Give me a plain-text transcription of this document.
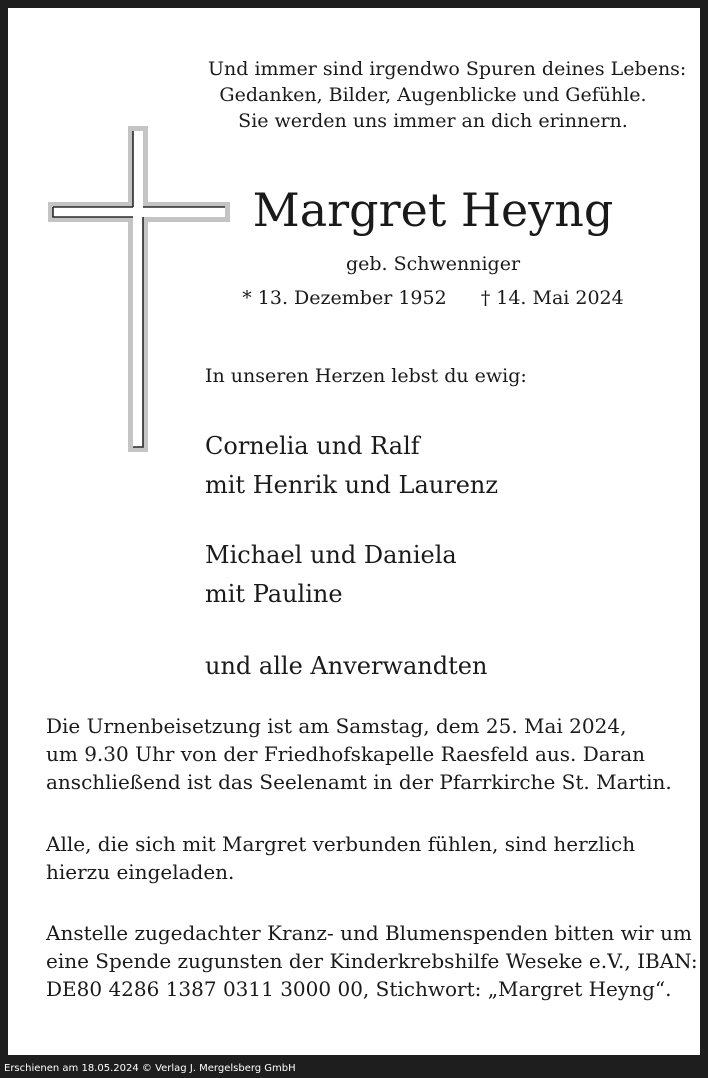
Und immer sind irgendwo Spuren deines Lebens:
Gedanken, Bilder, Augenblicke und Gefühle.
Sie werden uns immer an dich erinnern.
Margret Heyng
geb. Schwenniger
* 13. Dezember 1952 † 14. Mai 2024
In unseren Herzen lebst du ewig:
Cornelia und Ralf
mit Henrik und Laurenz
Michael und Daniela
mit Pauline
und alle Anverwandten
Die Urnenbeisetzung ist am Samstag, dem 25. Mai 2024,
um 9.30 Uhr von der Friedhofskapelle Raesfeld aus. Daran
anschließend ist das Seelenamt in der Pfarrkirche St. Martin.
Alle, die sich mit Margret verbunden fühlen, sind herzlich
hierzu eingeladen.
Anstelle zugedachter Kranz- und Blumenspenden bitten wir um
eine Spende zugunsten der Kinderkrebshilfe Weseke e.V., IBAN:
DE80 4286 1387 0311 3000 00, Stichwort: „Margret Heyng“.
Erschienen am 18.05.2024 © Verlag J. Mergelsberg GmbH
